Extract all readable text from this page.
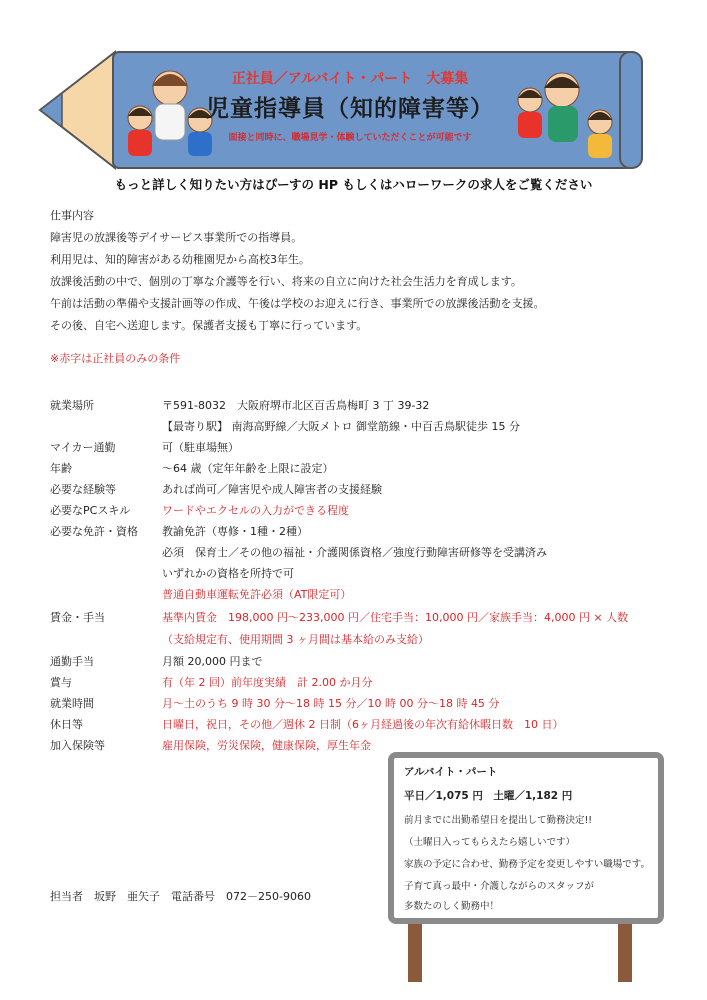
正社員／アルバイト・パート　大募集
児童指導員（知的障害等）
面接と同時に、職場見学・体験していただくことが可能です
もっと詳しく知りたい方はぴーすの HP もしくはハローワークの求人をご覧ください
仕事内容
障害児の放課後等デイサービス事業所での指導員。
利用児は、知的障害がある幼稚園児から高校3年生。
放課後活動の中で、個別の丁寧な介護等を行い、将来の自立に向けた社会生活力を育成します。
午前は活動の準備や支援計画等の作成、午後は学校のお迎えに行き、事業所での放課後活動を支援。
その後、自宅へ送迎します。保護者支援も丁寧に行っています。
※赤字は正社員のみの条件
就業場所	〒591-8032　大阪府堺市北区百舌鳥梅町 3 丁 39-32
【最寄り駅】 南海高野線／大阪メトロ 御堂筋線・中百舌鳥駅徒歩 15 分
マイカー通勤	可（駐車場無）
年齢	～64 歳（定年年齢を上限に設定）
必要な経験等	あれば尚可／障害児や成人障害者の支援経験
必要なPCスキル	ワードやエクセルの入力ができる程度
必要な免許・資格 教諭免許（専修・1種・2種）
必須　保育士／その他の福祉・介護関係資格／強度行動障害研修等を受講済み
いずれかの資格を所持で可
普通自動車運転免許必須（AT限定可）
賃金・手当	基準内賃金　198,000 円～233,000 円／住宅手当：10,000 円／家族手当：4,000 円 × 人数
（支給規定有、使用期間 3 ヶ月間は基本給のみ支給）
通勤手当	月額 20,000 円まで
賞与	有（年 2 回）前年度実績　計 2.00 か月分
就業時間	月～土のうち 9 時 30 分～18 時 15 分／10 時 00 分～18 時 45 分
休日等	日曜日，祝日，その他／週休 2 日制（6ヶ月経過後の年次有給休暇日数　10 日）
加入保険等	雇用保険，労災保険，健康保険，厚生年金
担当者　坂野　亜矢子　電話番号　072－250-9060
アルバイト・パート
平日／1,075 円　土曜／1,182 円
前月までに出勤希望日を提出して勤務決定!!
（土曜日入ってもらえたら嬉しいです）
家族の予定に合わせ、勤務予定を変更しやすい職場です。
子育て真っ最中・介護しながらのスタッフが
多数たのしく勤務中！
